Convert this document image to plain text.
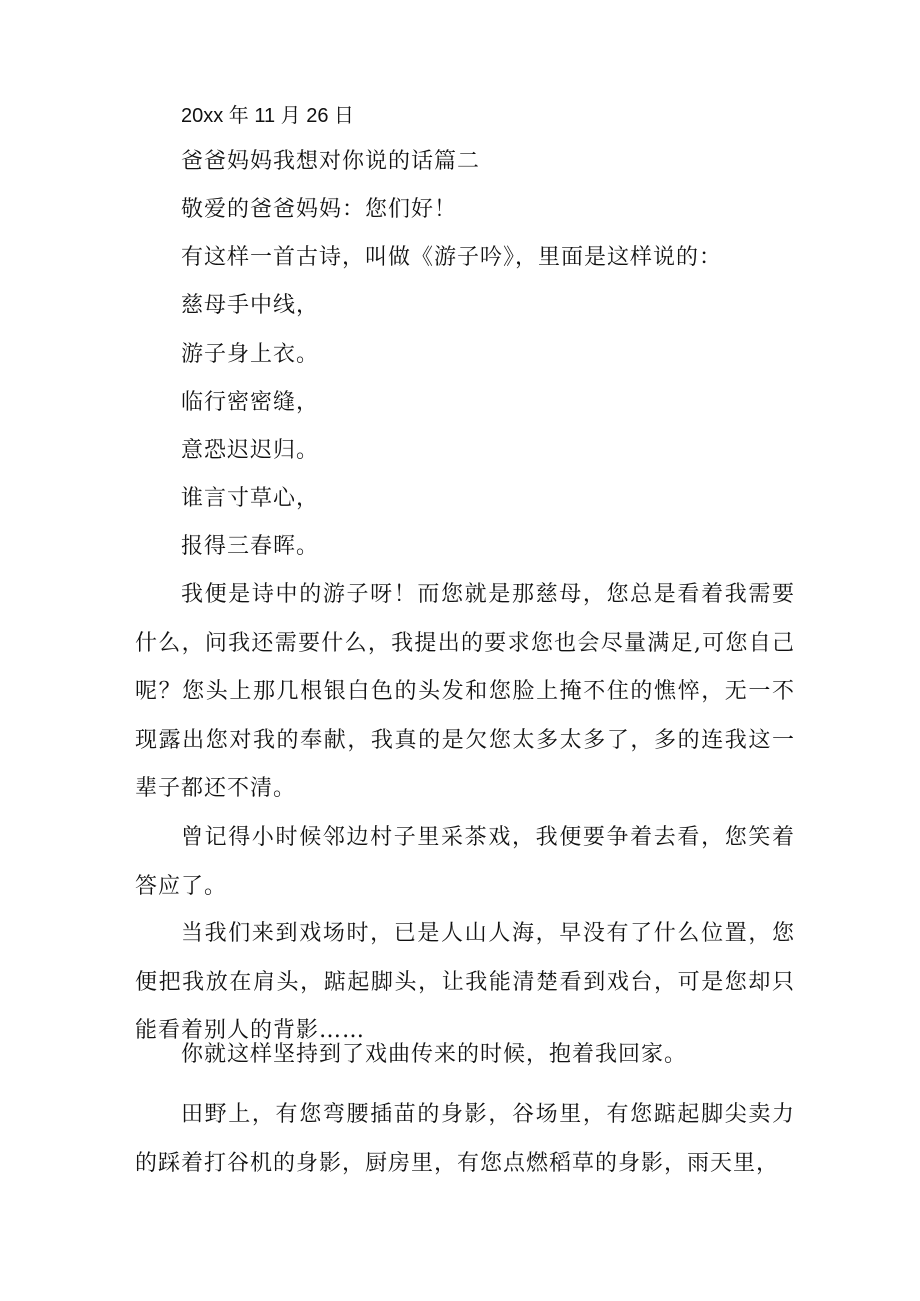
20xx 年 11 月 26 日
爸爸妈妈我想对你说的话篇二
敬爱的爸爸妈妈：您们好！
有这样一首古诗，叫做《游子吟》，里面是这样说的：
慈母手中线，
游子身上衣。
临行密密缝，
意恐迟迟归。
谁言寸草心，
报得三春晖。
我便是诗中的游子呀！而您就是那慈母，您总是看着我需要什么，问我还需要什么，我提出的要求您也会尽量满足,可您自己呢？您头上那几根银白色的头发和您脸上掩不住的憔悴，无一不现露出您对我的奉献，我真的是欠您太多太多了，多的连我这一辈子都还不清。
曾记得小时候邻边村子里采茶戏，我便要争着去看，您笑着答应了。
当我们来到戏场时，已是人山人海，早没有了什么位置，您便把我放在肩头，踮起脚头，让我能清楚看到戏台，可是您却只能看着别人的背影……
你就这样坚持到了戏曲传来的时候，抱着我回家。
田野上，有您弯腰插苗的身影，谷场里，有您踮起脚尖卖力的踩着打谷机的身影，厨房里，有您点燃稻草的身影，雨天里，
